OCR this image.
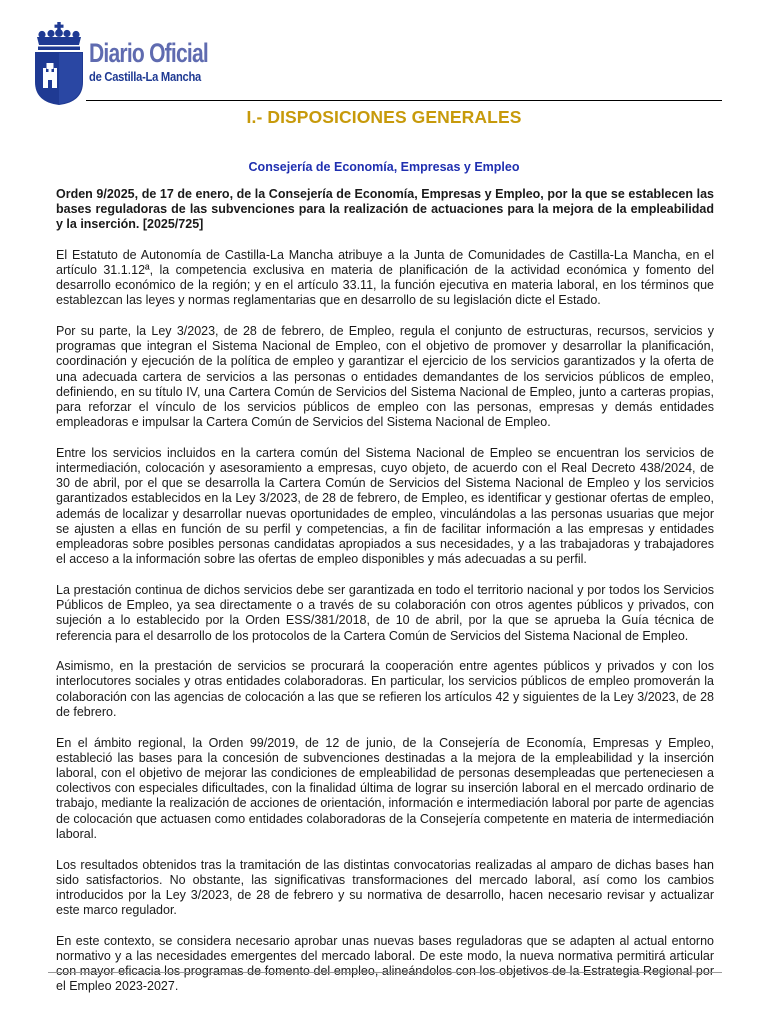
Diario Oficial
de Castilla-La Mancha
I.- DISPOSICIONES GENERALES
Consejería de Economía, Empresas y Empleo

Orden 9/2025, de 17 de enero, de la Consejería de Economía, Empresas y Empleo, por la que se establecen las bases reguladoras de las subvenciones para la realización de actuaciones para la mejora de la empleabilidad y la inserción. [2025/725]

El Estatuto de Autonomía de Castilla-La Mancha atribuye a la Junta de Comunidades de Castilla-La Mancha, en el artículo 31.1.12ª, la competencia exclusiva en materia de planificación de la actividad económica y fomento del desarrollo económico de la región; y en el artículo 33.11, la función ejecutiva en materia laboral, en los términos que establezcan las leyes y normas reglamentarias que en desarrollo de su legislación dicte el Estado.

Por su parte, la Ley 3/2023, de 28 de febrero, de Empleo, regula el conjunto de estructuras, recursos, servicios y programas que integran el Sistema Nacional de Empleo, con el objetivo de promover y desarrollar la planificación, coordinación y ejecución de la política de empleo y garantizar el ejercicio de los servicios garantizados y la oferta de una adecuada cartera de servicios a las personas o entidades demandantes de los servicios públicos de empleo, definiendo, en su título IV, una Cartera Común de Servicios del Sistema Nacional de Empleo, junto a carteras propias, para reforzar el vínculo de los servicios públicos de empleo con las personas, empresas y demás entidades empleadoras e impulsar la Cartera Común de Servicios del Sistema Nacional de Empleo.

Entre los servicios incluidos en la cartera común del Sistema Nacional de Empleo se encuentran los servicios de intermediación, colocación y asesoramiento a empresas, cuyo objeto, de acuerdo con el Real Decreto 438/2024, de 30 de abril, por el que se desarrolla la Cartera Común de Servicios del Sistema Nacional de Empleo y los servicios garantizados establecidos en la Ley 3/2023, de 28 de febrero, de Empleo, es identificar y gestionar ofertas de empleo, además de localizar y desarrollar nuevas oportunidades de empleo, vinculándolas a las personas usuarias que mejor se ajusten a ellas en función de su perfil y competencias, a fin de facilitar información a las empresas y entidades empleadoras sobre posibles personas candidatas apropiados a sus necesidades, y a las trabajadoras y trabajadores el acceso a la información sobre las ofertas de empleo disponibles y más adecuadas a su perfil.

La prestación continua de dichos servicios debe ser garantizada en todo el territorio nacional y por todos los Servicios Públicos de Empleo, ya sea directamente o a través de su colaboración con otros agentes públicos y privados, con sujeción a lo establecido por la Orden ESS/381/2018, de 10 de abril, por la que se aprueba la Guía técnica de referencia para el desarrollo de los protocolos de la Cartera Común de Servicios del Sistema Nacional de Empleo.

Asimismo, en la prestación de servicios se procurará la cooperación entre agentes públicos y privados y con los interlocutores sociales y otras entidades colaboradoras. En particular, los servicios públicos de empleo promoverán la colaboración con las agencias de colocación a las que se refieren los artículos 42 y siguientes de la Ley 3/2023, de 28 de febrero.

En el ámbito regional, la Orden 99/2019, de 12 de junio, de la Consejería de Economía, Empresas y Empleo, estableció las bases para la concesión de subvenciones destinadas a la mejora de la empleabilidad y la inserción laboral, con el objetivo de mejorar las condiciones de empleabilidad de personas desempleadas que perteneciesen a colectivos con especiales dificultades, con la finalidad última de lograr su inserción laboral en el mercado ordinario de trabajo, mediante la realización de acciones de orientación, información e intermediación laboral por parte de agencias de colocación que actuasen como entidades colaboradoras de la Consejería competente en materia de intermediación laboral.

Los resultados obtenidos tras la tramitación de las distintas convocatorias realizadas al amparo de dichas bases han sido satisfactorios. No obstante, las significativas transformaciones del mercado laboral, así como los cambios introducidos por la Ley 3/2023, de 28 de febrero y su normativa de desarrollo, hacen necesario revisar y actualizar este marco regulador.

En este contexto, se considera necesario aprobar unas nuevas bases reguladoras que se adapten al actual entorno normativo y a las necesidades emergentes del mercado laboral. De este modo, la nueva normativa permitirá articular con mayor eficacia los programas de fomento del empleo, alineándolos con los objetivos de la Estrategia Regional por el Empleo 2023-2027.
